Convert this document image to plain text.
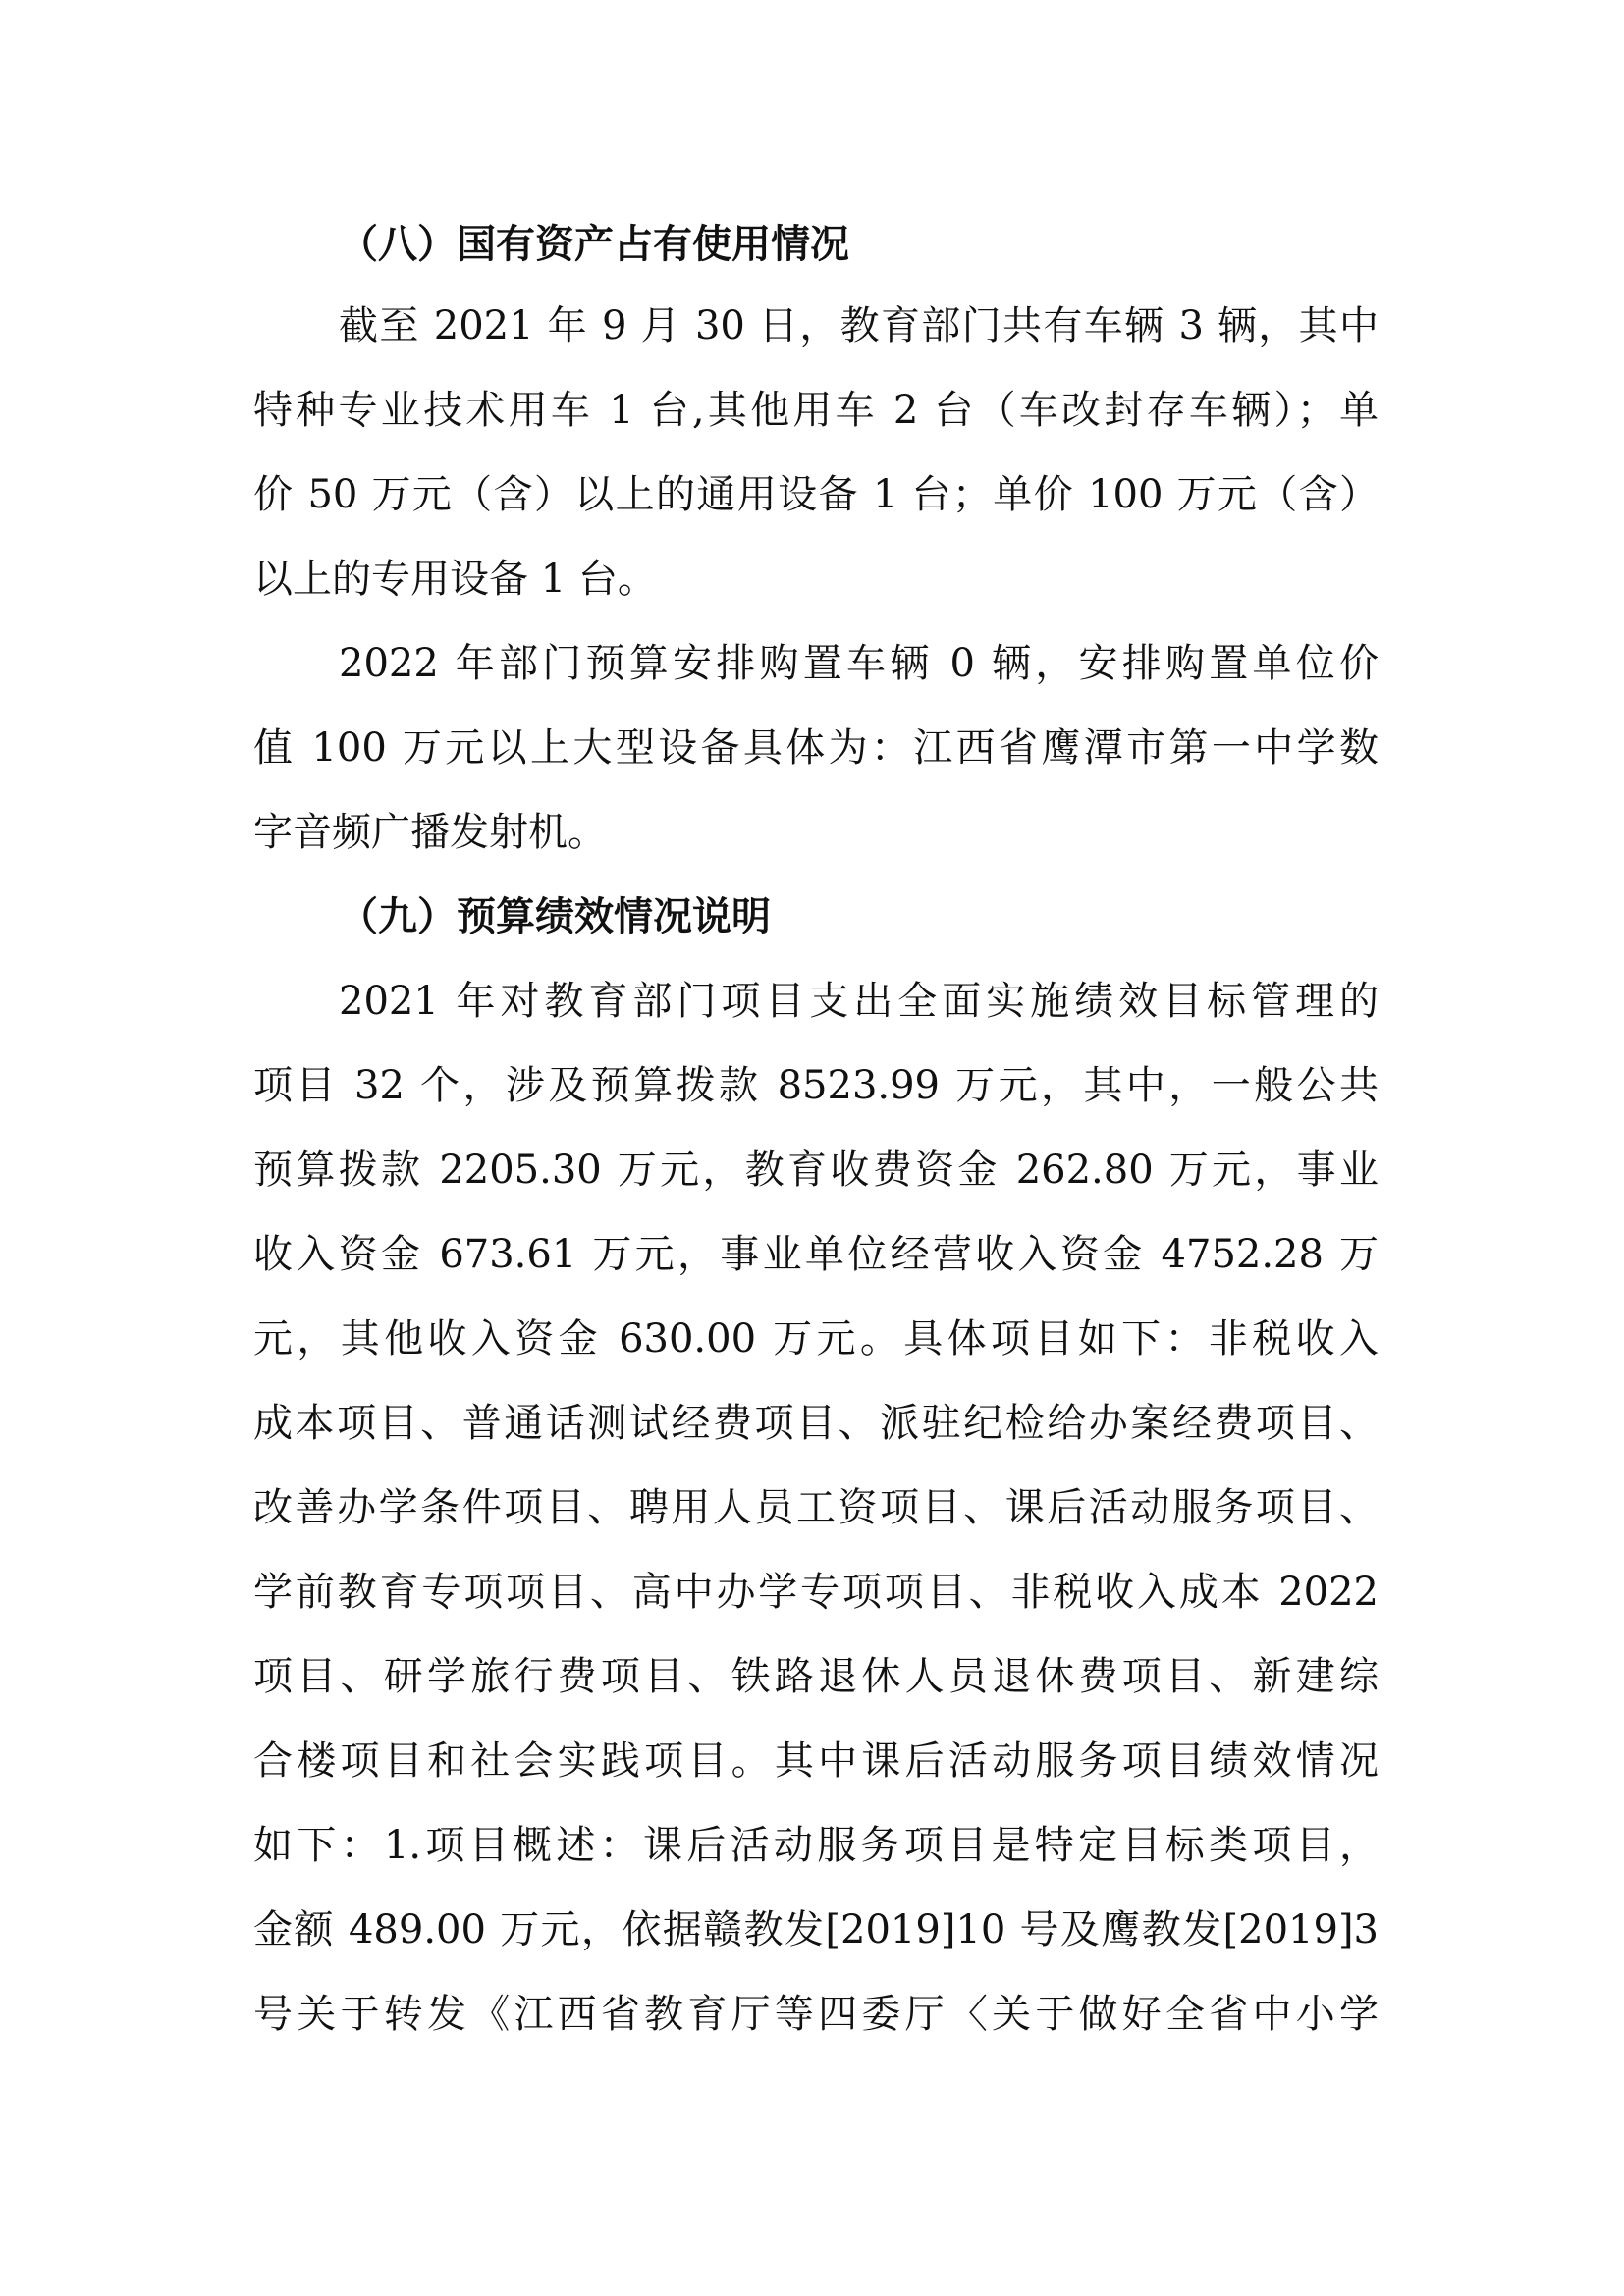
（八）国有资产占有使用情况
截至 2021 年 9 月 30 日，教育部门共有车辆 3 辆，其中
特种专业技术用车 1 台,其他用车 2 台（车改封存车辆）；单
价 50 万元（含）以上的通用设备 1 台；单价 100 万元（含）
以上的专用设备 1 台。
2022 年部门预算安排购置车辆 0 辆，安排购置单位价
值 100 万元以上大型设备具体为：江西省鹰潭市第一中学数
字音频广播发射机。
（九）预算绩效情况说明
2021 年对教育部门项目支出全面实施绩效目标管理的
项目 32 个，涉及预算拨款 8523.99 万元，其中，一般公共
预算拨款 2205.30 万元，教育收费资金 262.80 万元，事业
收入资金 673.61 万元，事业单位经营收入资金 4752.28 万
元，其他收入资金 630.00 万元。具体项目如下：非税收入
成本项目、普通话测试经费项目、派驻纪检给办案经费项目、
改善办学条件项目、聘用人员工资项目、课后活动服务项目、
学前教育专项项目、高中办学专项项目、非税收入成本 2022
项目、研学旅行费项目、铁路退休人员退休费项目、新建综
合楼项目和社会实践项目。其中课后活动服务项目绩效情况
如下：1.项目概述：课后活动服务项目是特定目标类项目，
金额 489.00 万元，依据赣教发[2019]10 号及鹰教发[2019]3
号关于转发《江西省教育厅等四委厅〈关于做好全省中小学
